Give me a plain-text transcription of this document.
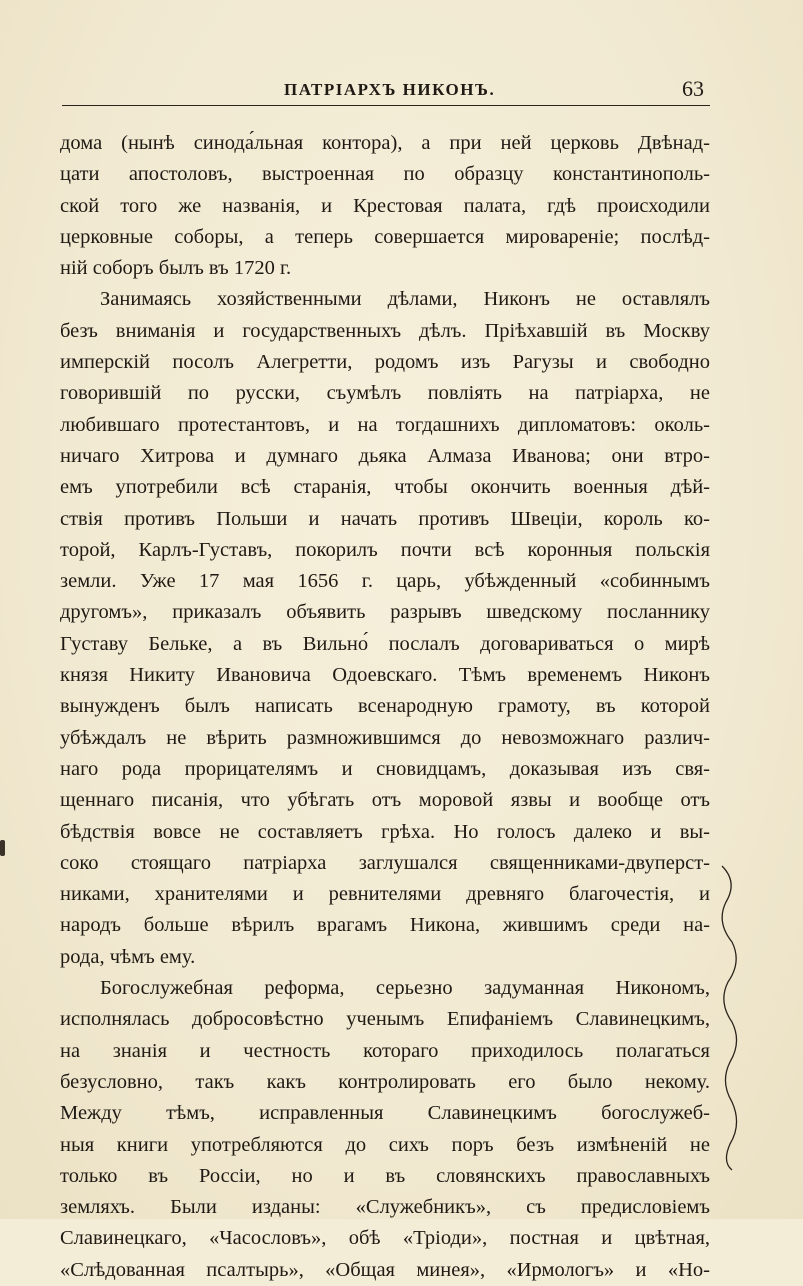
ПАТРІАРХЪ НИКОНЪ.	63
дома (нынѣ синода́льная контора), а при ней церковь Двѣнад-
цати апостоловъ, выстроенная по образцу константинополь-
ской того же названія, и Крестовая палата, гдѣ происходили
церковные соборы, а теперь совершается мировареніе; послѣд-
ній соборъ былъ въ 1720 г.
Занимаясь хозяйственными дѣлами, Никонъ не оставлялъ
безъ вниманія и государственныхъ дѣлъ. Пріѣхавшій въ Москву
имперскій посолъ Алегретти, родомъ изъ Рагузы и свободно
говорившій по русски, съумѣлъ повліять на патріарха, не
любившаго протестантовъ, и на тогдашнихъ дипломатовъ: околь-
ничаго Хитрова и думнаго дьяка Алмаза Иванова; они втро-
емъ употребили всѣ старанія, чтобы окончить военныя дѣй-
ствія противъ Польши и начать противъ Швеціи, король ко-
торой, Карлъ-Густавъ, покорилъ почти всѣ коронныя польскія
земли. Уже 17 мая 1656 г. царь, убѣжденный «собиннымъ
другомъ», приказалъ объявить разрывъ шведскому посланнику
Густаву Бельке, а въ Вильно́ послалъ договариваться о мирѣ
князя Никиту Ивановича Одоевскаго. Тѣмъ временемъ Никонъ
вынужденъ былъ написать всенародную грамоту, въ которой
убѣждалъ не вѣрить размножившимся до невозможнаго различ-
наго рода прорицателямъ и сновидцамъ, доказывая изъ свя-
щеннаго писанія, что убѣгать отъ моровой язвы и вообще отъ
бѣдствія вовсе не составляетъ грѣха. Но голосъ далеко и вы-
соко стоящаго патріарха заглушался священниками-двуперст-
никами, хранителями и ревнителями древняго благочестія, и
народъ больше вѣрилъ врагамъ Никона, жившимъ среди на-
рода, чѣмъ ему.
Богослужебная реформа, серьезно задуманная Никономъ,
исполнялась добросовѣстно ученымъ Епифаніемъ Славинецкимъ,
на знанія и честность котораго приходилось полагаться
безусловно, такъ какъ контролировать его было некому.
Между тѣмъ, исправленныя Славинецкимъ богослужеб-
ныя книги употребляются до сихъ поръ безъ измѣненій не
только въ Россіи, но и въ словянскихъ православныхъ
земляхъ. Были изданы: «Служебникъ», съ предисловіемъ
Славинецкаго, «Часословъ», обѣ «Тріоди», постная и цвѣтная,
«Слѣдованная псалтырь», «Общая минея», «Ирмологъ» и «Но-
